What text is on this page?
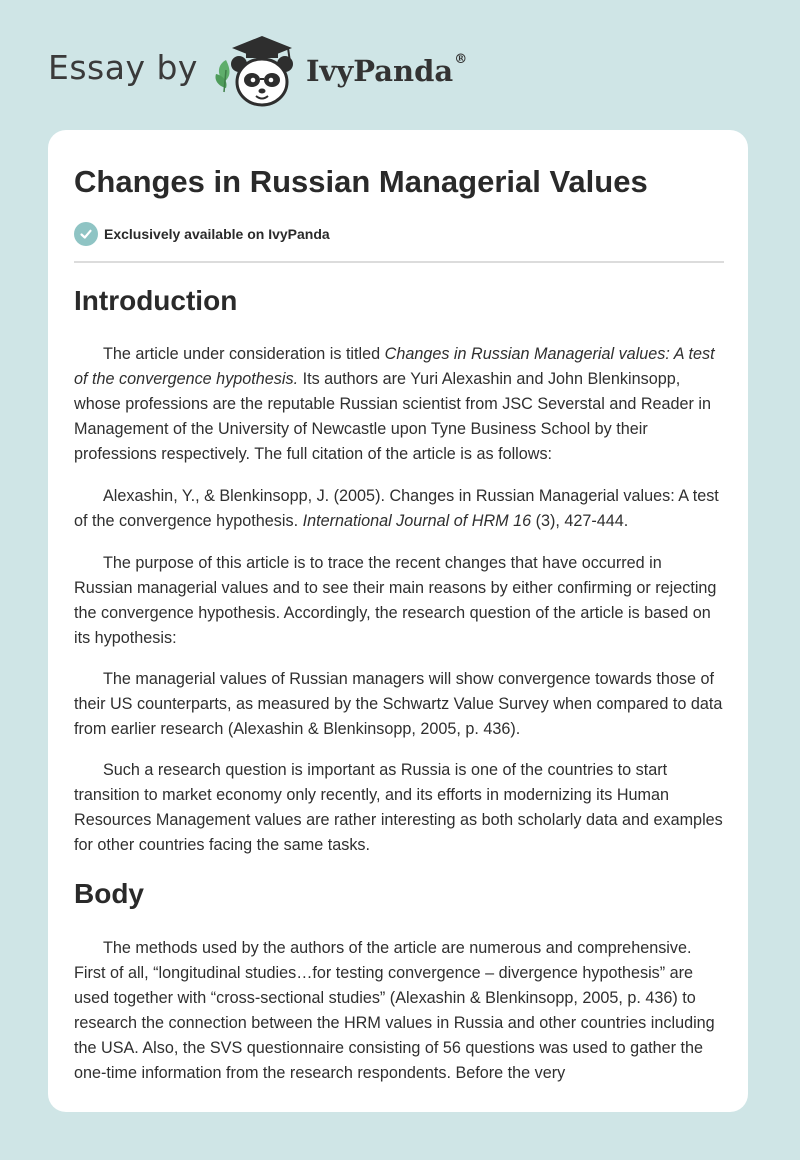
Essay by	IvyPanda®
Changes in Russian Managerial Values
Exclusively available on IvyPanda
Introduction

The article under consideration is titled Changes in Russian Managerial values: A test of the convergence hypothesis. Its authors are Yuri Alexashin and John Blenkinsopp, whose professions are the reputable Russian scientist from JSC Severstal and Reader in Management of the University of Newcastle upon Tyne Business School by their professions respectively. The full citation of the article is as follows:

Alexashin, Y., & Blenkinsopp, J. (2005). Changes in Russian Managerial values: A test of the convergence hypothesis. International Journal of HRM 16 (3), 427-444.

The purpose of this article is to trace the recent changes that have occurred in Russian managerial values and to see their main reasons by either confirming or rejecting the convergence hypothesis. Accordingly, the research question of the article is based on its hypothesis:

The managerial values of Russian managers will show convergence towards those of their US counterparts, as measured by the Schwartz Value Survey when compared to data from earlier research (Alexashin & Blenkinsopp, 2005, p. 436).

Such a research question is important as Russia is one of the countries to start transition to market economy only recently, and its efforts in modernizing its Human Resources Management values are rather interesting as both scholarly data and examples for other countries facing the same tasks.

Body

The methods used by the authors of the article are numerous and comprehensive. First of all, “longitudinal studies…for testing convergence – divergence hypothesis” are used together with “cross-sectional studies” (Alexashin & Blenkinsopp, 2005, p. 436) to research the connection between the HRM values in Russia and other countries including the USA. Also, the SVS questionnaire consisting of 56 questions was used to gather the one-time information from the research respondents. Before the very
